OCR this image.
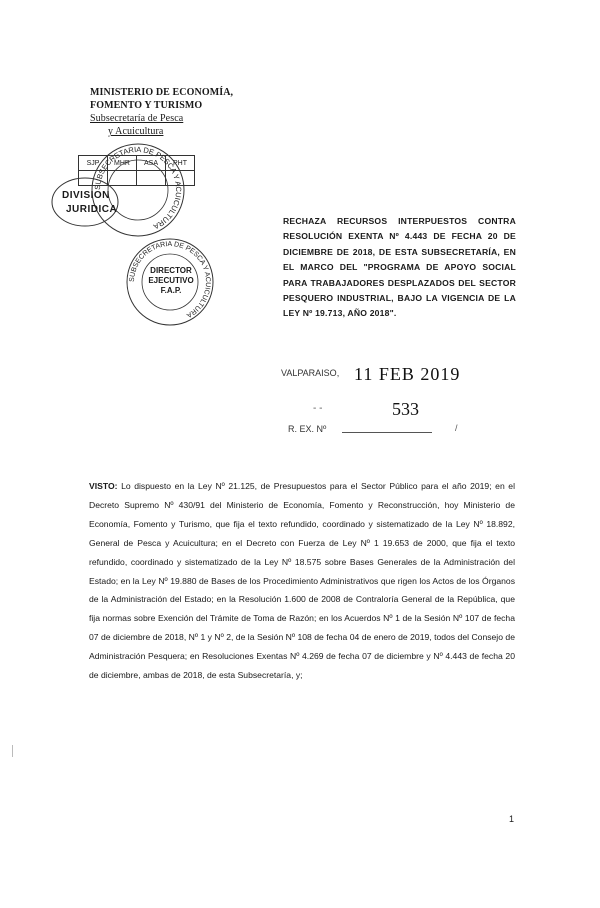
MINISTERIO DE ECONOMÍA,
FOMENTO Y TURISMO
Subsecretaría de Pesca
y Acuicultura
SJP	MHR	ASA	PHT

SUBSECRETARIA DE PESCA Y ACUICULTURA
DIVISION
JURIDICA
SUBSECRETARIA DE PESCA Y ACUICULTURA
DIRECTOR
EJECUTIVO
F.A.P.
RECHAZA RECURSOS INTERPUESTOS CONTRA RESOLUCIÓN EXENTA Nº 4.443 DE FECHA 20 DE DICIEMBRE DE 2018, DE ESTA SUBSECRETARÍA, EN EL MARCO DEL "PROGRAMA DE APOYO SOCIAL PARA TRABAJADORES DESPLAZADOS DEL SECTOR PESQUERO INDUSTRIAL, BAJO LA VIGENCIA DE LA LEY Nº 19.713, AÑO 2018".
VALPARAISO, 11 FEB 2019
- -	533
R. EX. Nº	/
VISTO: Lo dispuesto en la Ley Nº 21.125, de Presupuestos para el Sector Público para el año 2019; en el Decreto Supremo Nº 430/91 del Ministerio de Economía, Fomento y Reconstrucción, hoy Ministerio de Economía, Fomento y Turismo, que fija el texto refundido, coordinado y sistematizado de la Ley Nº 18.892, General de Pesca y Acuicultura; en el Decreto con Fuerza de Ley Nº 1 19.653 de 2000, que fija el texto refundido, coordinado y sistematizado de la Ley Nº 18.575 sobre Bases Generales de la Administración del Estado; en la Ley Nº 19.880 de Bases de los Procedimiento Administrativos que rigen los Actos de los Órganos de la Administración del Estado; en la Resolución 1.600 de 2008 de Contraloría General de la República, que fija normas sobre Exención del Trámite de Toma de Razón; en los Acuerdos Nº 1 de la Sesión Nº 107 de fecha 07 de diciembre de 2018, Nº 1 y Nº 2, de la Sesión Nº 108 de fecha 04 de enero de 2019, todos del Consejo de Administración Pesquera; en Resoluciones Exentas Nº 4.269 de fecha 07 de diciembre y Nº 4.443 de fecha 20 de diciembre, ambas de 2018, de esta Subsecretaría, y;
1
